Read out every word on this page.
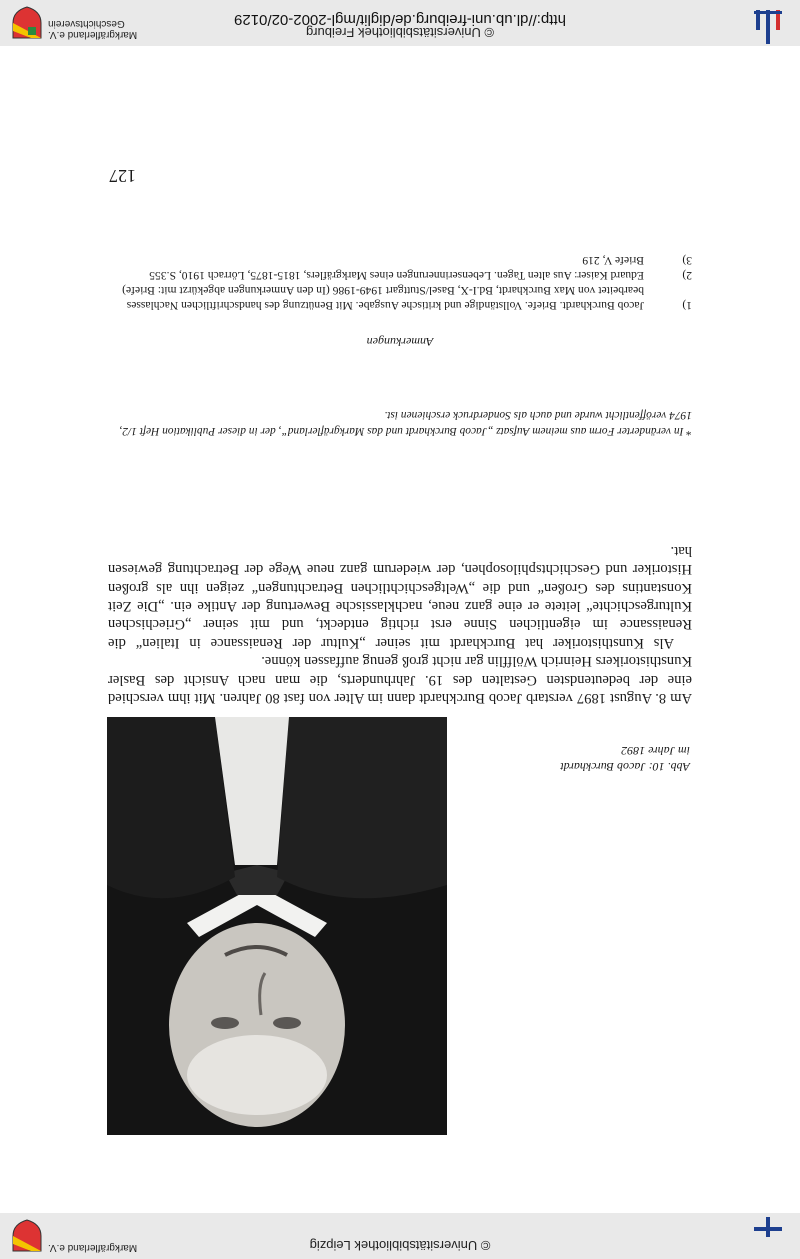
© Universitätsbibliothek Leipzig
Markgräflerland e.V.
127
Abb. 10: Jacob Burckhardt
im Jahre 1892

Am 8. August 1897 verstarb Jacob Burckhardt dann im Alter von fast 80 Jahren. Mit ihm verschied eine der bedeutendsten Gestalten des 19. Jahrhunderts, die man nach Ansicht des Basler Kunsthistorikers Heinrich Wölfflin gar nicht groß genug auffassen könne.

Als Kunsthistoriker hat Burckhardt mit seiner „Kultur der Renaissance in Italien“ die Renaissance im eigentlichen Sinne erst richtig entdeckt, und mit seiner „Griechischen Kulturgeschichte“ leitete er eine ganz neue, nachklassische Bewertung der Antike ein. „Die Zeit Konstantins des Großen“ und die „Weltgeschichtlichen Betrachtungen“ zeigen ihn als großen Historiker und Geschichtsphilosophen, der wiederum ganz neue Wege der Betrachtung gewiesen hat.

* In veränderter Form aus meinem Aufsatz „Jacob Burckhardt und das Markgräflerland“, der in dieser Publikation Heft 1/2, 1974 veröffentlicht wurde und auch als Sonderdruck erschienen ist.
Anmerkungen
1)
Jacob Burckhardt. Briefe. Vollständige und kritische Ausgabe. Mit Benützung des handschriftlichen Nachlasses bearbeitet von Max Burckhardt, Bd.I-X, Basel/Stuttgart 1949-1986 (In den Anmerkungen abgekürzt mit: Briefe)
2)
Eduard Kaiser: Aus alten Tagen. Lebenserinnerungen eines Markgräflers, 1815-1875, Lörrach 1910, S.355
3)
Briefe V, 219
© Universitätsbibliothek Freiburg
http://dl.ub.uni-freiburg.de/diglit/mgl-2002-02/0129
Markgräflerland e.V.
Geschichtsverein
